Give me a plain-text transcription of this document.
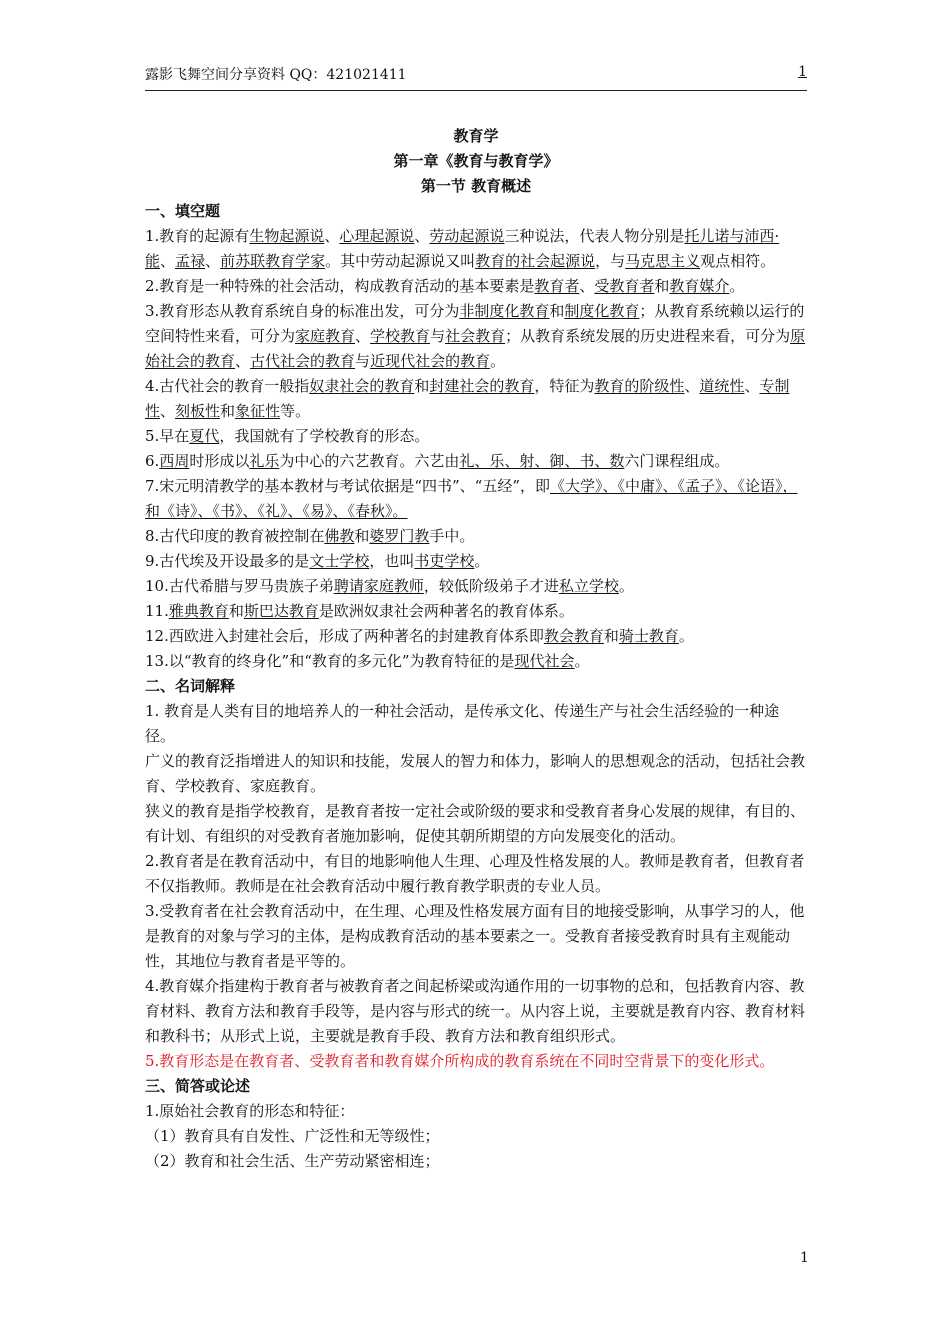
露影飞舞空间分享资料 QQ：421021411	1

教育学

第一章《教育与教育学》

第一节 教育概述

一、填空题

1.教育的起源有生物起源说、心理起源说、劳动起源说三种说法，代表人物分别是托儿诺与沛西·能、孟禄、前苏联教育学家。其中劳动起源说又叫教育的社会起源说，与马克思主义观点相符。

2.教育是一种特殊的社会活动，构成教育活动的基本要素是教育者、受教育者和教育媒介。

3.教育形态从教育系统自身的标准出发，可分为非制度化教育和制度化教育；从教育系统赖以运行的空间特性来看，可分为家庭教育、学校教育与社会教育；从教育系统发展的历史进程来看，可分为原始社会的教育、古代社会的教育与近现代社会的教育。

4.古代社会的教育一般指奴隶社会的教育和封建社会的教育，特征为教育的阶级性、道统性、专制性、刻板性和象征性等。

5.早在夏代，我国就有了学校教育的形态。

6.西周时形成以礼乐为中心的六艺教育。六艺由礼、乐、射、御、书、数六门课程组成。

7.宋元明清教学的基本教材与考试依据是“四书”、“五经”，即《大学》、《中庸》、《孟子》、《论语》，和《诗》、《书》、《礼》、《易》、《春秋》。

8.古代印度的教育被控制在佛教和婆罗门教手中。

9.古代埃及开设最多的是文士学校，也叫书吏学校。

10.古代希腊与罗马贵族子弟聘请家庭教师，较低阶级弟子才进私立学校。

11.雅典教育和斯巴达教育是欧洲奴隶社会两种著名的教育体系。

12.西欧进入封建社会后，形成了两种著名的封建教育体系即教会教育和骑士教育。

13.以“教育的终身化”和“教育的多元化”为教育特征的是现代社会。

二、名词解释

1. 教育是人类有目的地培养人的一种社会活动，是传承文化、传递生产与社会生活经验的一种途径。

广义的教育泛指增进人的知识和技能，发展人的智力和体力，影响人的思想观念的活动，包括社会教育、学校教育、家庭教育。

狭义的教育是指学校教育，是教育者按一定社会或阶级的要求和受教育者身心发展的规律，有目的、有计划、有组织的对受教育者施加影响，促使其朝所期望的方向发展变化的活动。

2.教育者是在教育活动中，有目的地影响他人生理、心理及性格发展的人。教师是教育者，但教育者不仅指教师。教师是在社会教育活动中履行教育教学职责的专业人员。

3.受教育者在社会教育活动中，在生理、心理及性格发展方面有目的地接受影响，从事学习的人，他是教育的对象与学习的主体，是构成教育活动的基本要素之一。受教育者接受教育时具有主观能动性，其地位与教育者是平等的。

4.教育媒介指建构于教育者与被教育者之间起桥梁或沟通作用的一切事物的总和，包括教育内容、教育材料、教育方法和教育手段等，是内容与形式的统一。从内容上说，主要就是教育内容、教育材料和教科书；从形式上说，主要就是教育手段、教育方法和教育组织形式。

5.教育形态是在教育者、受教育者和教育媒介所构成的教育系统在不同时空背景下的变化形式。

三、简答或论述

1.原始社会教育的形态和特征：

（1）教育具有自发性、广泛性和无等级性；

（2）教育和社会生活、生产劳动紧密相连；

1
